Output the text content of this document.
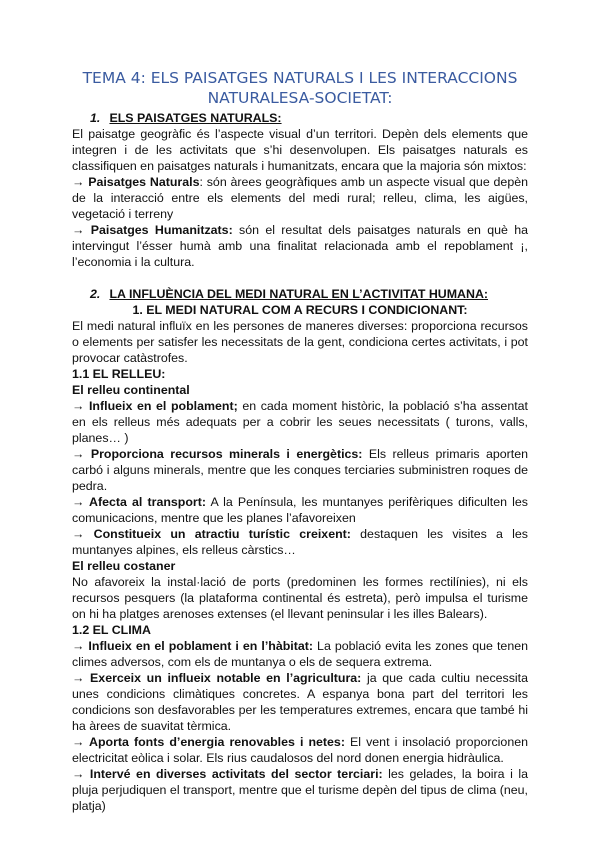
TEMA 4: ELS PAISATGES NATURALS I LES INTERACCIONS
NATURALESA-SOCIETAT:

1. ELS PAISATGES NATURALS:

El paisatge geogràfic és l’aspecte visual d’un territori. Depèn dels elements que integren i de les activitats que s’hi desenvolupen. Els paisatges naturals es classifiquen en paisatges naturals i humanitzats, encara que la majoria són mixtos:

→ Paisatges Naturals: són àrees geogràfiques amb un aspecte visual que depèn de la interacció entre els elements del medi rural; relleu, clima, les aigües, vegetació i terreny

→ Paisatges Humanitzats: són el resultat dels paisatges naturals en què ha intervingut l’ésser humà amb una finalitat relacionada amb el repoblament ¡, l’economia i la cultura.

2. LA INFLUÈNCIA DEL MEDI NATURAL EN L’ACTIVITAT HUMANA:

1. EL MEDI NATURAL COM A RECURS I CONDICIONANT:

El medi natural influïx en les persones de maneres diverses: proporciona recursos o elements per satisfer les necessitats de la gent, condiciona certes activitats, i pot provocar catàstrofes.

1.1 EL RELLEU:

El relleu continental

→ Influeix en el poblament; en cada moment històric, la població s’ha assentat en els relleus més adequats per a cobrir les seues necessitats ( turons, valls, planes… )

→ Proporciona recursos minerals i energètics: Els relleus primaris aporten carbó i alguns minerals, mentre que les conques terciaries subministren roques de pedra.

→ Afecta al transport: A la Península, les muntanyes perifèriques dificulten les comunicacions, mentre que les planes l’afavoreixen

→ Constitueix un atractiu turístic creixent: destaquen les visites a les muntanyes alpines, els relleus càrstics…

El relleu costaner

No afavoreix la instal·lació de ports (predominen les formes rectilínies), ni els recursos pesquers (la plataforma continental és estreta), però impulsa el turisme on hi ha platges arenoses extenses (el llevant peninsular i les illes Balears).

1.2 EL CLIMA

→ Influeix en el poblament i en l’hàbitat: La població evita les zones que tenen climes adversos, com els de muntanya o els de sequera extrema.

→ Exerceix un influeix notable en l’agricultura: ja que cada cultiu necessita unes condicions climàtiques concretes. A espanya bona part del territori les condicions son desfavorables per les temperatures extremes, encara que també hi ha àrees de suavitat tèrmica.

→ Aporta fonts d’energia renovables i netes: El vent i insolació proporcionen electricitat eòlica i solar. Els rius caudalosos del nord donen energia hidràulica.

→ Intervé en diverses activitats del sector terciari: les gelades, la boira i la pluja perjudiquen el transport, mentre que el turisme depèn del tipus de clima (neu, platja)
